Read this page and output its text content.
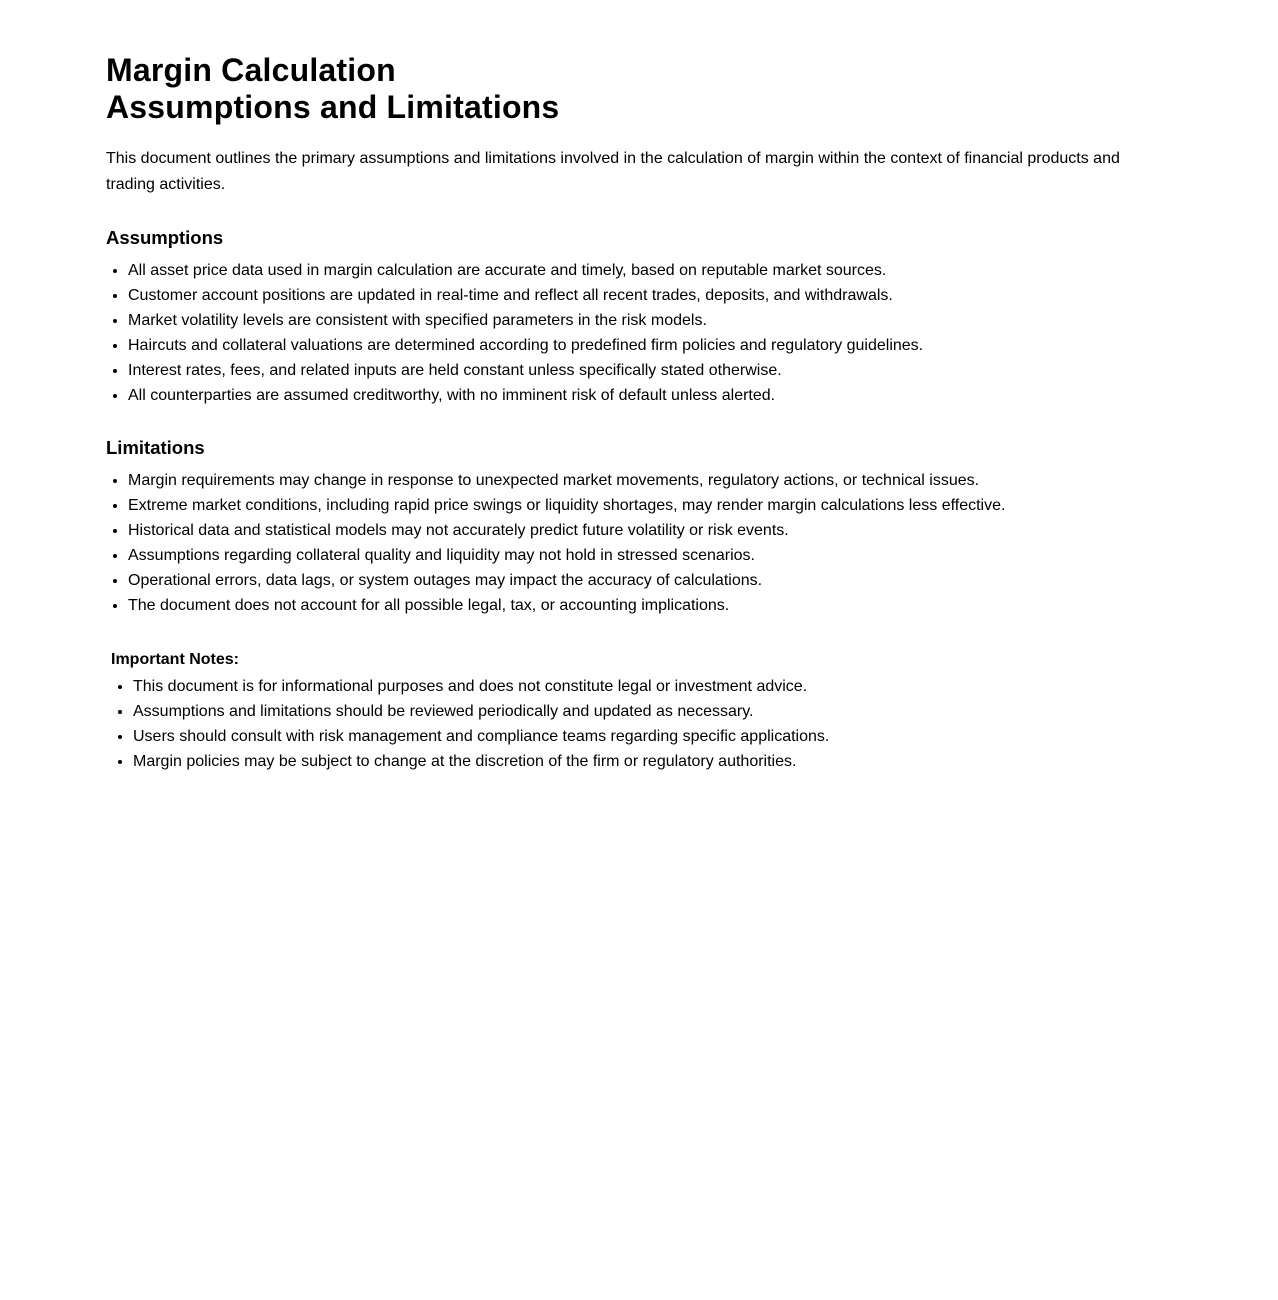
Margin Calculation
Assumptions and Limitations

This document outlines the primary assumptions and limitations involved in the calculation of margin within the context of financial products and trading activities.

Assumptions
• All asset price data used in margin calculation are accurate and timely, based on reputable market sources.
• Customer account positions are updated in real-time and reflect all recent trades, deposits, and withdrawals.
• Market volatility levels are consistent with specified parameters in the risk models.
• Haircuts and collateral valuations are determined according to predefined firm policies and regulatory guidelines.
• Interest rates, fees, and related inputs are held constant unless specifically stated otherwise.
• All counterparties are assumed creditworthy, with no imminent risk of default unless alerted.
Limitations
• Margin requirements may change in response to unexpected market movements, regulatory actions, or technical issues.
• Extreme market conditions, including rapid price swings or liquidity shortages, may render margin calculations less effective.
• Historical data and statistical models may not accurately predict future volatility or risk events.
• Assumptions regarding collateral quality and liquidity may not hold in stressed scenarios.
• Operational errors, data lags, or system outages may impact the accuracy of calculations.
• The document does not account for all possible legal, tax, or accounting implications.
Important Notes:
• This document is for informational purposes and does not constitute legal or investment advice.
• Assumptions and limitations should be reviewed periodically and updated as necessary.
• Users should consult with risk management and compliance teams regarding specific applications.
• Margin policies may be subject to change at the discretion of the firm or regulatory authorities.
